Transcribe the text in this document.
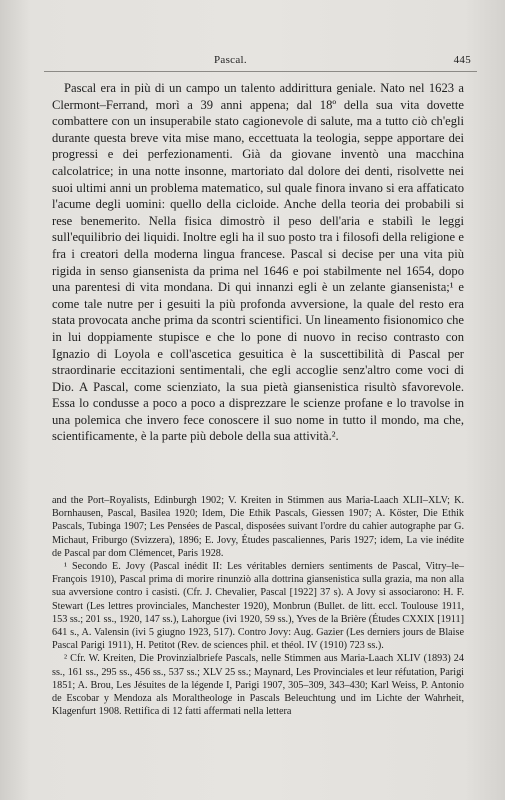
Pascal.	445

Pascal era in più di un campo un talento addirittura geniale. Nato nel 1623 a Clermont–Ferrand, morì a 39 anni appena; dal 18º della sua vita dovette combattere con un insuperabile stato cagionevole di salute, ma a tutto ciò ch'egli durante questa breve vita mise mano, eccettuata la teologia, seppe apportare dei progressi e dei perfezionamenti. Già da giovane inventò una macchina calcolatrice; in una notte insonne, martoriato dal dolore dei denti, risolvette nei suoi ultimi anni un problema matematico, sul quale finora invano si era affaticato l'acume degli uomini: quello della cicloide. Anche della teoria dei probabili si rese benemerito. Nella fisica dimostrò il peso dell'aria e stabilì le leggi sull'equilibrio dei liquidi. Inoltre egli ha il suo posto tra i filosofi della religione e fra i creatori della moderna lingua francese. Pascal si decise per una vita più rigida in senso giansenista da prima nel 1646 e poi stabilmente nel 1654, dopo una parentesi di vita mondana. Di qui innanzi egli è un zelante giansenista;¹ e come tale nutre per i gesuiti la più profonda avversione, la quale del resto era stata provocata anche prima da scontri scientifici. Un lineamento fisionomico che in lui doppiamente stupisce e che lo pone di nuovo in reciso contrasto con Ignazio di Loyola e coll'ascetica gesuitica è la suscettibilità di Pascal per straordinarie eccitazioni sentimentali, che egli accoglie senz'altro come voci di Dio. A Pascal, come scienziato, la sua pietà giansenistica risultò sfavorevole. Essa lo condusse a poco a poco a disprezzare le scienze profane e lo travolse in una polemica che invero fece conoscere il suo nome in tutto il mondo, ma che, scientificamente, è la parte più debole della sua attività.².

and the Port–Royalists, Edinburgh 1902; V. Kreiten in Stimmen aus Maria-Laach XLII–XLV; K. Bornhausen, Pascal, Basilea 1920; Idem, Die Ethik Pascals, Giessen 1907; A. Köster, Die Ethik Pascals, Tubinga 1907; Les Pensées de Pascal, disposées suivant l'ordre du cahier autographe par G. Michaut, Friburgo (Svizzera), 1896; E. Jovy, Études pascaliennes, Paris 1927; idem, La vie inédite de Pascal par dom Clémencet, Paris 1928.

¹ Secondo E. Jovy (Pascal inédit II: Les véritables derniers sentiments de Pascal, Vitry–le–François 1910), Pascal prima di morire rinunziò alla dottrina giansenistica sulla grazia, ma non alla sua avversione contro i casisti. (Cfr. J. Chevalier, Pascal [1922] 37 s). A Jovy si associarono: H. F. Stewart (Les lettres provinciales, Manchester 1920), Monbrun (Bullet. de litt. eccl. Toulouse 1911, 153 ss.; 201 ss., 1920, 147 ss.), Lahorgue (ivi 1920, 59 ss.), Yves de la Brière (Études CXXIX [1911] 641 s., A. Valensin (ivi 5 giugno 1923, 517). Contro Jovy: Aug. Gazier (Les derniers jours de Blaise Pascal Parigi 1911), H. Petitot (Rev. de sciences phil. et théol. IV (1910) 723 ss.).

² Cfr. W. Kreiten, Die Provinzialbriefe Pascals, nelle Stimmen aus Maria-Laach XLIV (1893) 24 ss., 161 ss., 295 ss., 456 ss., 537 ss.; XLV 25 ss.; Maynard, Les Provinciales et leur réfutation, Parigi 1851; A. Brou, Les Jésuites de la légende I, Parigi 1907, 305–309, 343–430; Karl Weiss, P. Antonio de Escobar y Mendoza als Moraltheologe in Pascals Beleuchtung und im Lichte der Wahrheit, Klagenfurt 1908. Rettifica di 12 fatti affermati nella lettera
